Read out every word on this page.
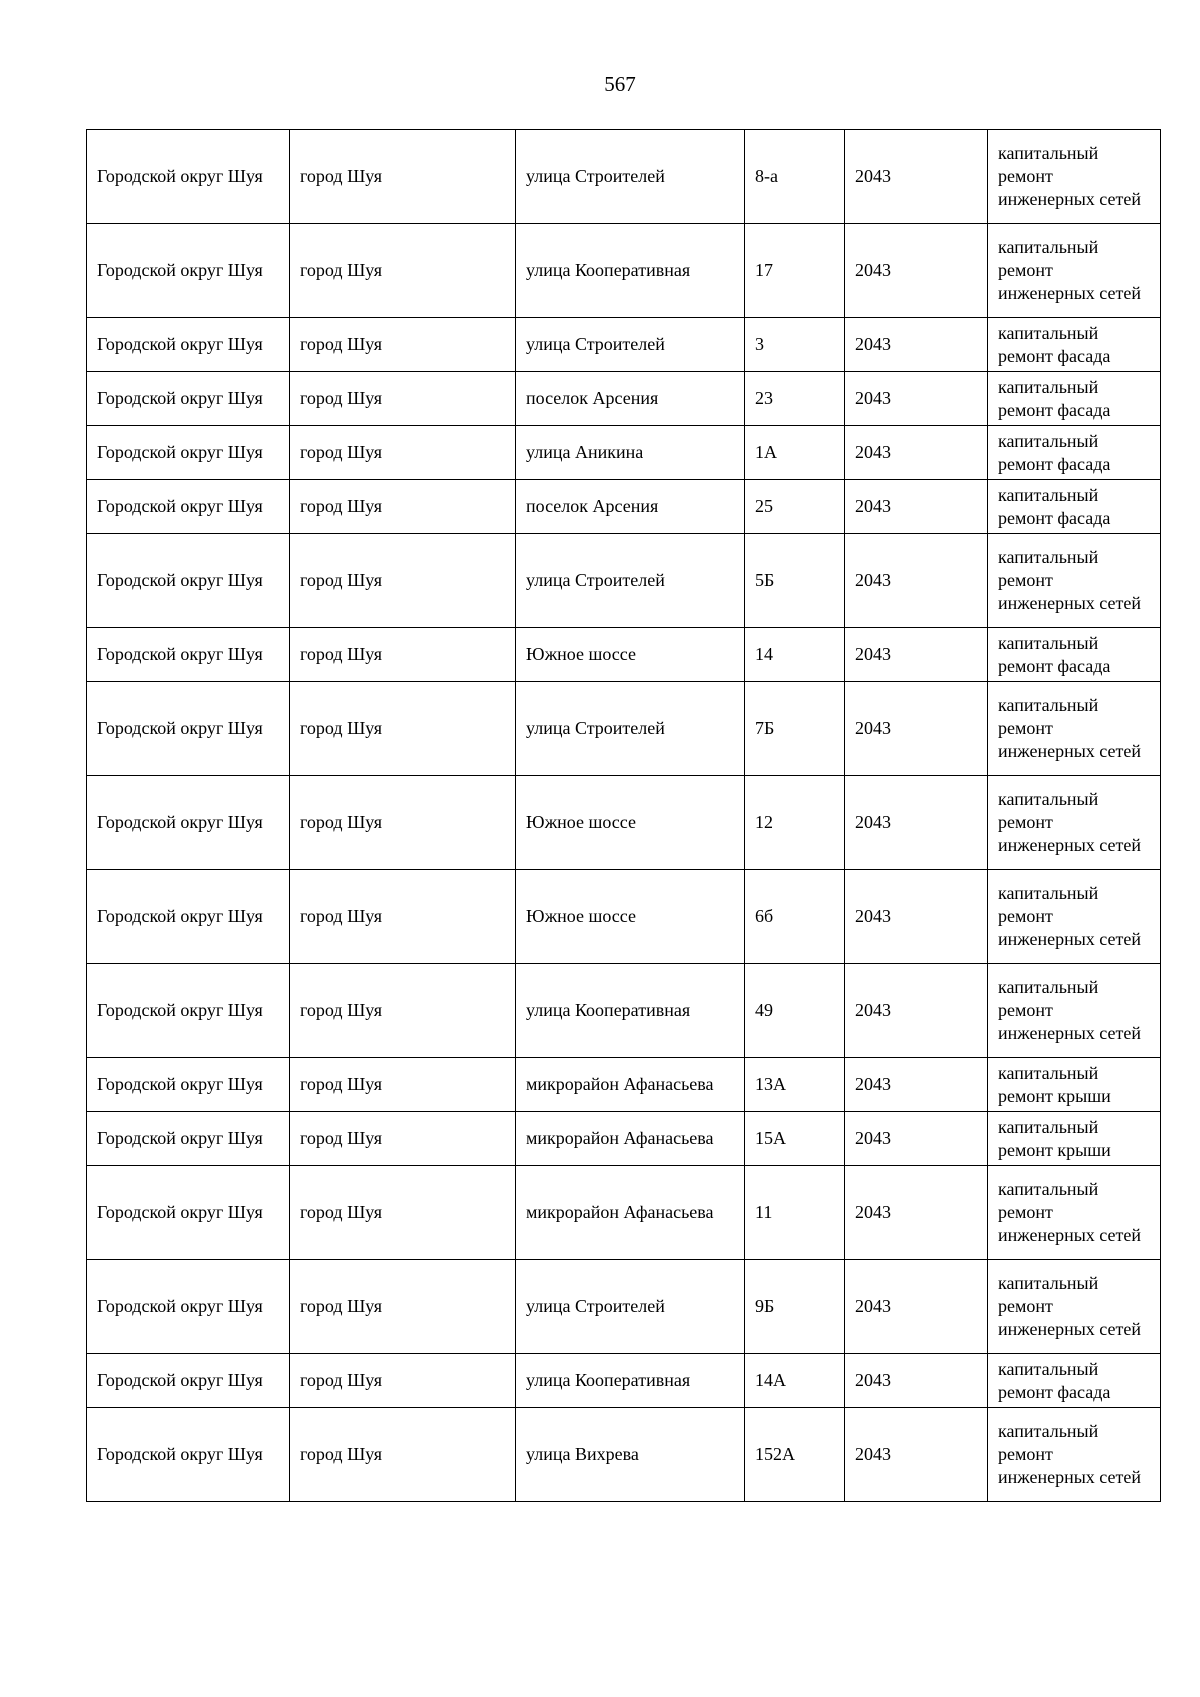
567
Городской округ Шуя	город Шуя	улица Строителей	8-а	2043	капитальный ремонт инженерных сетей
Городской округ Шуя	город Шуя	улица Кооперативная	17	2043	капитальный ремонт инженерных сетей
Городской округ Шуя	город Шуя	улица Строителей	3	2043	капитальный ремонт фасада
Городской округ Шуя	город Шуя	поселок Арсения	23	2043	капитальный ремонт фасада
Городской округ Шуя	город Шуя	улица Аникина	1А	2043	капитальный ремонт фасада
Городской округ Шуя	город Шуя	поселок Арсения	25	2043	капитальный ремонт фасада
Городской округ Шуя	город Шуя	улица Строителей	5Б	2043	капитальный ремонт инженерных сетей
Городской округ Шуя	город Шуя	Южное шоссе	14	2043	капитальный ремонт фасада
Городской округ Шуя	город Шуя	улица Строителей	7Б	2043	капитальный ремонт инженерных сетей
Городской округ Шуя	город Шуя	Южное шоссе	12	2043	капитальный ремонт инженерных сетей
Городской округ Шуя	город Шуя	Южное шоссе	6б	2043	капитальный ремонт инженерных сетей
Городской округ Шуя	город Шуя	улица Кооперативная	49	2043	капитальный ремонт инженерных сетей
Городской округ Шуя	город Шуя	микрорайон Афанасьева	13А	2043	капитальный ремонт крыши
Городской округ Шуя	город Шуя	микрорайон Афанасьева	15А	2043	капитальный ремонт крыши
Городской округ Шуя	город Шуя	микрорайон Афанасьева	11	2043	капитальный ремонт инженерных сетей
Городской округ Шуя	город Шуя	улица Строителей	9Б	2043	капитальный ремонт инженерных сетей
Городской округ Шуя	город Шуя	улица Кооперативная	14А	2043	капитальный ремонт фасада
Городской округ Шуя	город Шуя	улица Вихрева	152А	2043	капитальный ремонт инженерных сетей
